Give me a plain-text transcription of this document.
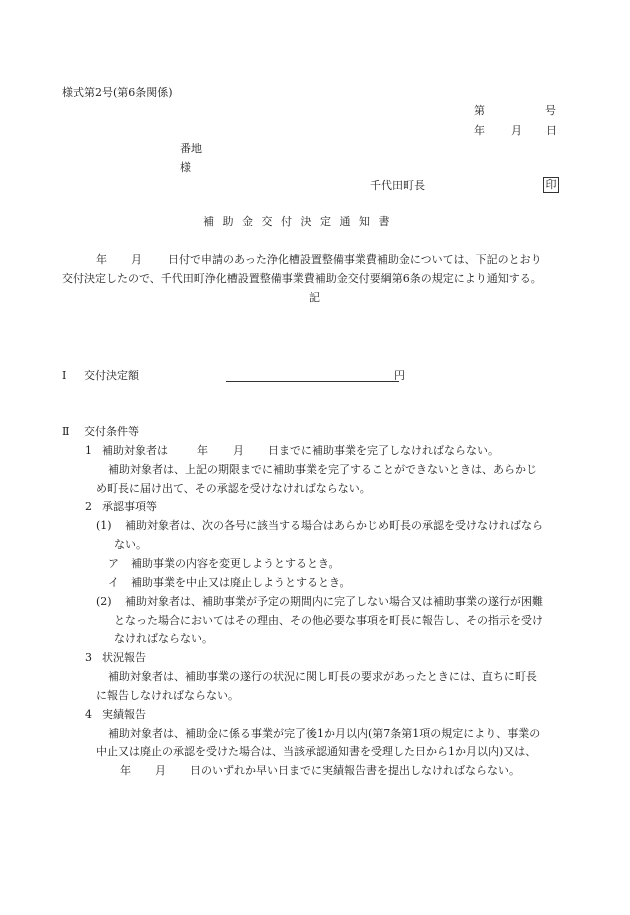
様式第2号(第6条関係)
第	号
年 月 日
番地
様
千代田町長	印
補助金交付決定通知書
年 月 日付で申請のあった浄化槽設置整備事業費補助金については、下記のとおり
交付決定したので、千代田町浄化槽設置整備事業費補助金交付要綱第6条の規定により通知する。
記
Ⅰ 交付決定額	円
Ⅱ 交付条件等
1 補助対象者は	年 月 日までに補助事業を完了しなければならない。
補助対象者は、上記の期限までに補助事業を完了することができないときは、あらかじ
め町長に届け出て、その承認を受けなければならない。
2 承認事項等
(1) 補助対象者は、次の各号に該当する場合はあらかじめ町長の承認を受けなければなら
ない。
ア 補助事業の内容を変更しようとするとき。
イ 補助事業を中止又は廃止しようとするとき。
(2) 補助対象者は、補助事業が予定の期間内に完了しない場合又は補助事業の遂行が困難
となった場合においてはその理由、その他必要な事項を町長に報告し、その指示を受け
なければならない。
3 状況報告
補助対象者は、補助事業の遂行の状況に関し町長の要求があったときには、直ちに町長
に報告しなければならない。
4 実績報告
補助対象者は、補助金に係る事業が完了後1か月以内(第7条第1項の規定により、事業の
中止又は廃止の承認を受けた場合は、当該承認通知書を受理した日から1か月以内)又は、
年 月 日のいずれか早い日までに実績報告書を提出しなければならない。
